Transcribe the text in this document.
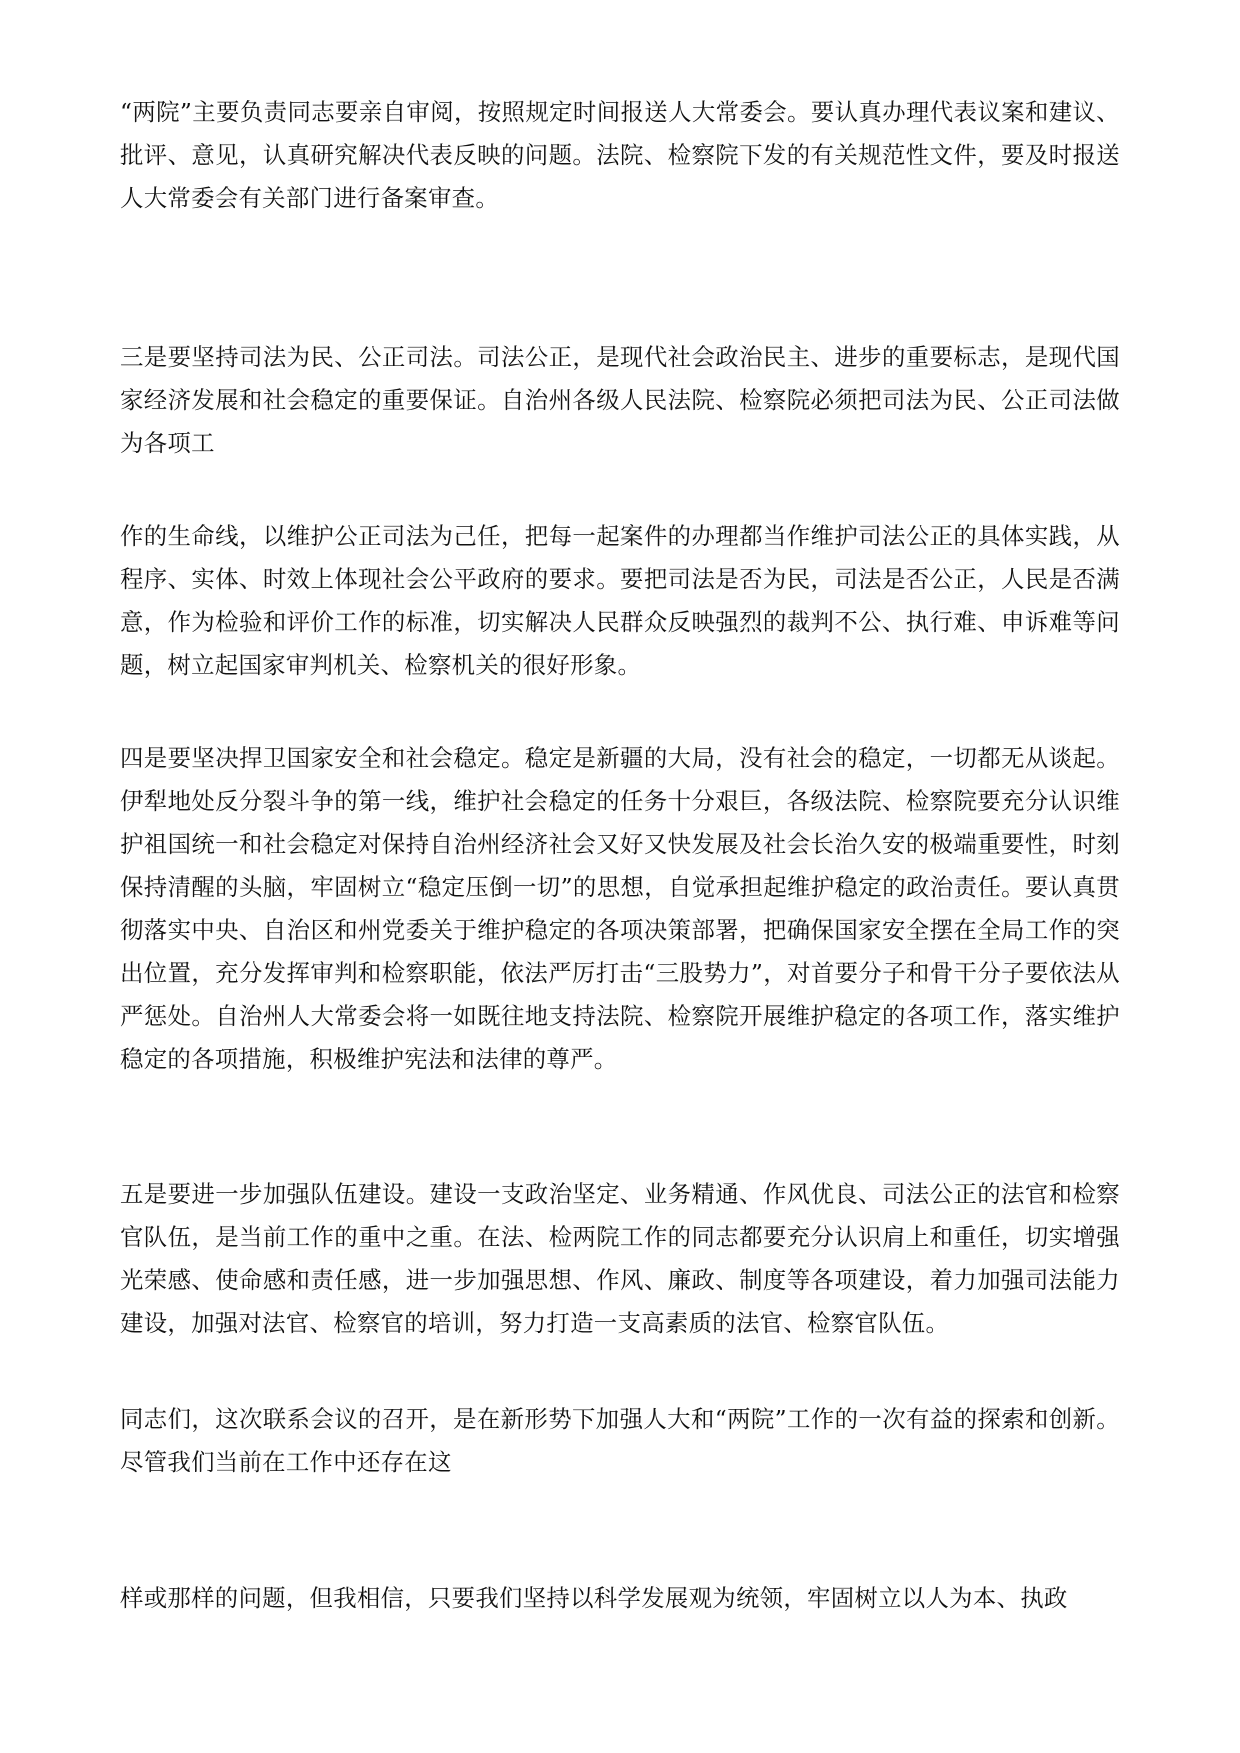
“两院”主要负责同志要亲自审阅，按照规定时间报送人大常委会。要认真办理代表议案和建议、批评、意见，认真研究解决代表反映的问题。法院、检察院下发的有关规范性文件，要及时报送人大常委会有关部门进行备案审查。

三是要坚持司法为民、公正司法。司法公正，是现代社会政治民主、进步的重要标志，是现代国家经济发展和社会稳定的重要保证。自治州各级人民法院、检察院必须把司法为民、公正司法做为各项工

作的生命线，以维护公正司法为己任，把每一起案件的办理都当作维护司法公正的具体实践，从程序、实体、时效上体现社会公平政府的要求。要把司法是否为民，司法是否公正，人民是否满意，作为检验和评价工作的标准，切实解决人民群众反映强烈的裁判不公、执行难、申诉难等问题，树立起国家审判机关、检察机关的很好形象。

四是要坚决捍卫国家安全和社会稳定。稳定是新疆的大局，没有社会的稳定，一切都无从谈起。伊犁地处反分裂斗争的第一线，维护社会稳定的任务十分艰巨，各级法院、检察院要充分认识维护祖国统一和社会稳定对保持自治州经济社会又好又快发展及社会长治久安的极端重要性，时刻保持清醒的头脑，牢固树立“稳定压倒一切”的思想，自觉承担起维护稳定的政治责任。要认真贯彻落实中央、自治区和州党委关于维护稳定的各项决策部署，把确保国家安全摆在全局工作的突出位置，充分发挥审判和检察职能，依法严厉打击“三股势力”，对首要分子和骨干分子要依法从严惩处。自治州人大常委会将一如既往地支持法院、检察院开展维护稳定的各项工作，落实维护稳定的各项措施，积极维护宪法和法律的尊严。

五是要进一步加强队伍建设。建设一支政治坚定、业务精通、作风优良、司法公正的法官和检察官队伍，是当前工作的重中之重。在法、检两院工作的同志都要充分认识肩上和重任，切实增强光荣感、使命感和责任感，进一步加强思想、作风、廉政、制度等各项建设，着力加强司法能力建设，加强对法官、检察官的培训，努力打造一支高素质的法官、检察官队伍。

同志们，这次联系会议的召开，是在新形势下加强人大和“两院”工作的一次有益的探索和创新。尽管我们当前在工作中还存在这

样或那样的问题，但我相信，只要我们坚持以科学发展观为统领，牢固树立以人为本、执政
